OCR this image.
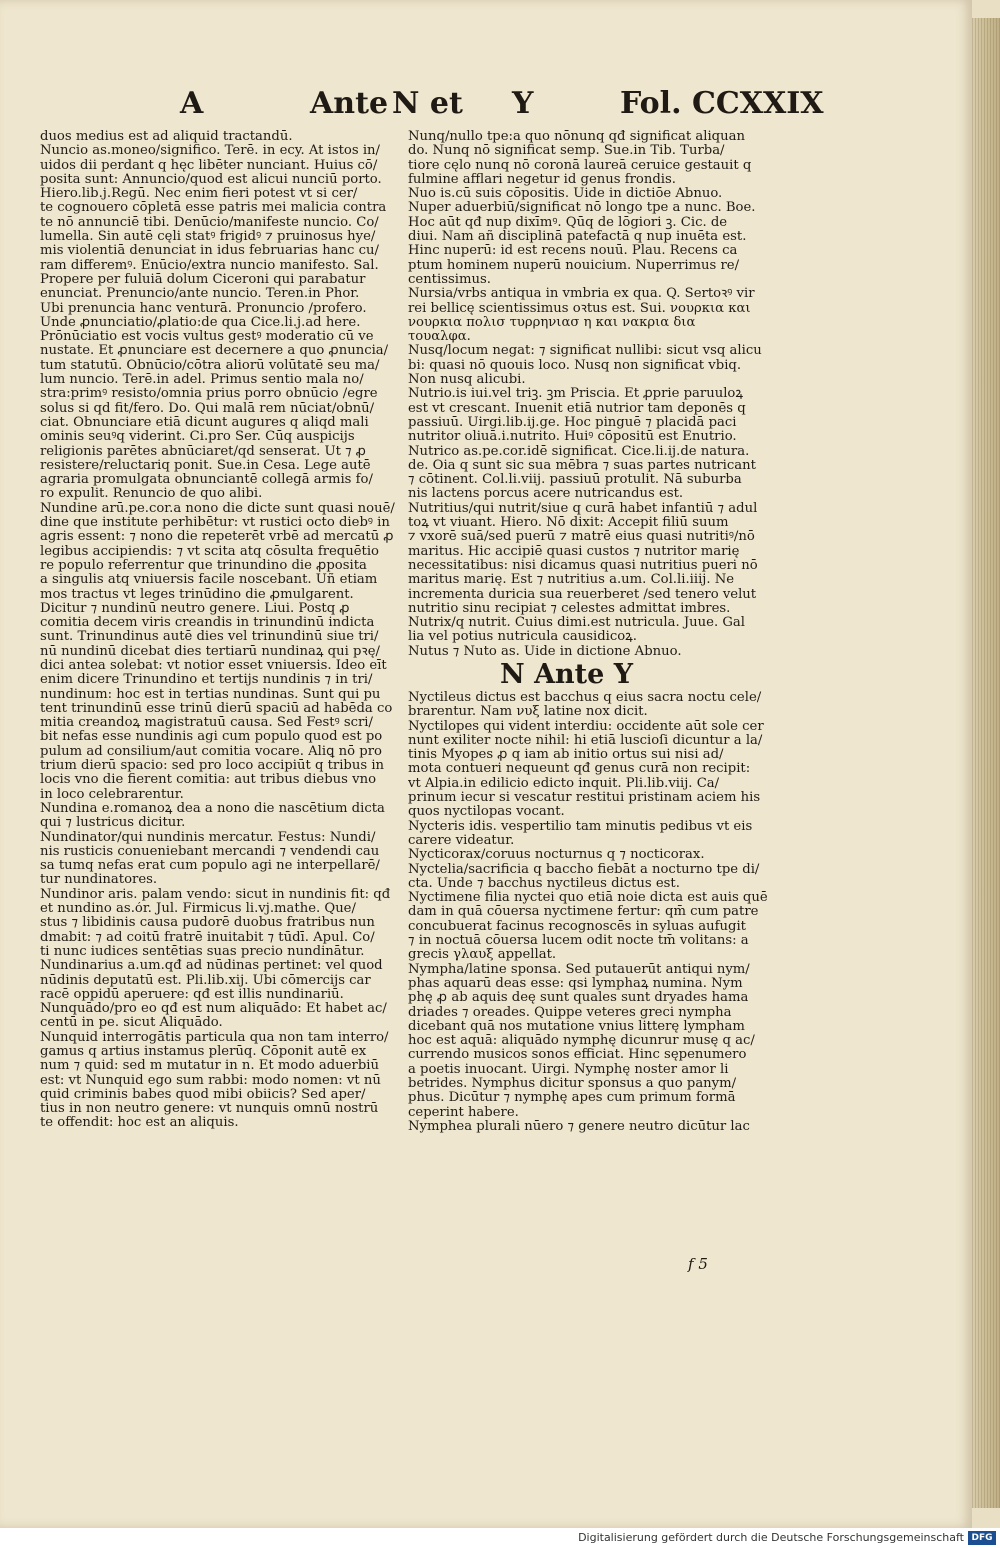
A	Ante N et Y	Fol. CCXXIX

duos medius est ad aliquid tractandū.

Nuncio as.moneo/significo. Terē. in ecy. At istos in/

uidos dii perdant q hęc libēter nunciant. Huius cō/

posita sunt: Annuncio/quod est alicui nunciū porto.

Hiero.lib.j.Regū. Nec enim fieri potest vt si cer/

te cognouero cōpletā esse patris mei malicia contra

te nō annunciē tibi. Denūcio/manifeste nuncio. Co/

lumella. Sin autē cęli statꝰ frigidꝰ ⁊ pruinosus hye/

mis violentiā denunciat in idus februarias hanc cu/

ram differemꝰ. Enūcio/extra nuncio manifesto. Sal.

Propere per fuluiā dolum Ciceroni qui parabatur

enunciat. Prenuncio/ante nuncio. Teren.in Phor.

Ubi prenuncia hanc venturā. Pronuncio /profero.

Unde ꝓnunciatio/ꝓlatio:de qua Cice.li.j.ad here.

Prōnūciatio est vocis vultus gestꝰ moderatio cū ve

nustate. Et ꝓnunciare est decernere a quo ꝓnuncia/

tum statutū. Obnūcio/cōtra aliorū volūtatē seu ma/

lum nuncio. Terē.in adel. Primus sentio mala no/

stra:primꝰ resisto/omnia prius porro obnūcio /egre

solus si qd fit/fero. Do. Qui malā rem nūciat/obnū/

ciat. Obnunciare etiā dicunt augures q aliqd mali

ominis seuꝰq viderint. Ci.pro Ser. Cūq auspicijs

religionis parētes abnūciaret/qd senserat. Ut ⁊ ꝓ

resistere/reluctariq ponit. Sue.in Cesa. Lege autē

agraria promulgata obnunciantē collegā armis fo/

ro expulit. Renuncio de quo alibi.

Nundine arū.pe.cor.a nono die dicte sunt quasi nouē/

dine que institute perhibētur: vt rustici octo diebꝰ in

agris essent: ⁊ nono die repeterēt vrbē ad mercatū ꝓ

legibus accipiendis: ⁊ vt scita atq cōsulta frequētio

re populo referrentur que trinundino die ꝓposita

a singulis atq vniuersis facile noscebant. Uñ etiam

mos tractus vt leges trinūdino die ꝓmulgarent.

Dicitur ⁊ nundinū neutro genere. Liui. Postq ꝓ

comitia decem viris creandis in trinundinū indicta

sunt. Trinundinus autē dies vel trinundinū siue tri/

nū nundinū dicebat dies tertiarū nundinaꝝ qui pꝛę/

dici antea solebat: vt notior esset vniuersis. Ideo eīt

enim dicere Trinundino et tertijs nundinis ⁊ in tri/

nundinum: hoc est in tertias nundinas. Sunt qui pu

tent trinundinū esse trinū dierū spaciū ad habēda co

mitia creandoꝝ magistratuū causa. Sed Festꝰ scri/

bit nefas esse nundinis agi cum populo quod est po

pulum ad consilium/aut comitia vocare. Aliꝗ nō pro

trium dierū spacio: sed pro loco accipiūt q tribus in

locis vno die fierent comitia: aut tribus diebus vno

in loco celebrarentur.

Nundina e.romanoꝝ dea a nono die nascētium dicta

qui ⁊ lustricus dicitur.

Nundinator/qui nundinis mercatur. Festus: Nundi/

nis rusticis conueniebant mercandi ⁊ vendendi cau

sa tumq nefas erat cum populo agi ne interpellarē/

tur nundinatores.

Nundinor aris. palam vendo: sicut in nundinis fit: qđ

et nundino as.ór. Jul. Firmicus li.vj.mathe. Que/

stus ⁊ libidinis causa pudorē duobus fratribus nun

dmabit: ⁊ ad coitū fratrē inuitabit ⁊ tūdī. Apul. Co/

ti nunc iudices sentētias suas precio nundinātur.

Nundinarius a.um.qđ ad nūdinas pertinet: vel quod

nūdinis deputatū est. Pli.lib.xij. Ubi cōmercijs car

racē oppidū aperuere: qđ est illis nundinariū.

Nunquādo/pro eo qđ est num aliquādo: Et habet ac/

centū in pe. sicut Aliquādo.

Nunquid interrogātis particula qua non tam interro/

gamus q artius instamus plerūq. Cōponit autē ex

num ⁊ quid: sed m mutatur in n. Et modo aduerbiū

est: vt Nunquid ego sum rabbi: modo nomen: vt nū

quid criminis babes quod mibi obiicis? Sed aper/

tius in non neutro genere: vt nunquis omnū nostrū

te offendit: hoc est an aliquis.

Nunq/nullo tpe:a quo nōnunq qđ significat aliquan

do. Nunq nō significat semp. Sue.in Tib. Turba/

tiore cęlo nunq nō coronā laureā ceruice gestauit q

fulmine afflari negetur id genus frondis.

Nuo is.cū suis cōpositis. Uide in dictiōe Abnuo.

Nuper aduerbiū/significat nō longo tpe a nunc. Boe.

Hoc aūt qđ nup dixīmꝰ. Qūq de lōgiori ꝫ. Cic. de

diui. Nam añ disciplinā patefactā q nup inuēta est.

Hinc nuperū: id est recens nouū. Plau. Recens ca

ptum hominem nuperū nouicium. Nuperrimus re/

centissimus.

Nursia/vrbs antiqua in vmbria ex qua. Q. Sertoꝛꝰ vir

rei bellicę scientissimus oꝛtus est. Sui. νουρκια και

νουρκια πολισ τυρρηνιασ η και νακρια δια

τουαλφα.

Nusq/locum negat: ⁊ significat nullibi: sicut vsq alicu

bi: quasi nō quouis loco. Nusq non significat vbiq.

Non nusq alicubi.

Nutrio.is iui.vel triꝫ. ꝫm Priscia. Et ꝓprie paruuloꝝ

est vt crescant. Inuenit etiā nutrior tam deponēs q

passiuū. Uirgi.lib.ij.ge. Hoc pinguē ⁊ placidā paci

nutritor oliuā.i.nutrito. Huiꝰ cōpositū est Enutrio.

Nutrico as.pe.cor.idē significat. Cice.li.ij.de natura.

de. Oia q sunt sic sua mēbra ⁊ suas partes nutricant

⁊ cōtinent. Col.li.viij. passiuū protulit. Nā suburba

nis lactens porcus acere nutricandus est.

Nutritius/qui nutrit/siue q curā habet infantiū ⁊ adul

toꝝ vt viuant. Hiero. Nō dixit: Accepit filiū suum

⁊ vxorē suā/sed puerū ⁊ matrē eius quasi nutritiꝰ/nō

maritus. Hic accipiē quasi custos ⁊ nutritor marię

necessitatibus: nisi dicamus quasi nutritius pueri nō

maritus marię. Est ⁊ nutritius a.um. Col.li.iiij. Ne

incrementa duricia sua reuerberet /sed tenero velut

nutritio sinu recipiat ⁊ celestes admittat imbres.

Nutrix/q nutrit. Cuius dimi.est nutricula. Juue. Gal

lia vel potius nutricula causidicoꝝ.

Nutus ⁊ Nuto as. Uide in dictione Abnuo.

N Ante Y

Nyctileus dictus est bacchus q eius sacra noctu cele/

brarentur. Nam νυξ latine nox dicit.

Nyctilopes qui vident interdiu: occidente aūt sole cer

nunt exiliter nocte nihil: hi etiā luscioſi dicuntur a la/

tinis Myopes ꝓ q iam ab initio ortus sui nisi ad/

mota contueri nequeunt qđ genus curā non recipit:

vt Alpia.in edilicio edicto inquit. Pli.lib.viij. Ca/

prinum iecur si vescatur restitui pristinam aciem his

quos nyctilopas vocant.

Nycteris idis. vespertilio tam minutis pedibus vt eis

carere videatur.

Nycticorax/coruus nocturnus q ⁊ nocticorax.

Nyctelia/sacrificia q baccho fiebāt a nocturno tpe di/

cta. Unde ⁊ bacchus nyctileus dictus est.

Nyctimene filia nyctei quo etiā noie dicta est auis quē

dam in quā cōuersa nyctimene fertur: qm̄ cum patre

concubuerat facinus recognoscēs in syluas aufugit

⁊ in noctuā cōuersa lucem odit nocte tm̄ volitans: a

grecis γλαυξ appellat.

Nympha/latine sponsa. Sed putauerūt antiqui nym/

phas aquarū deas esse: qsi lymphaꝝ numina. Nym

phę ꝓ ab aquis deę sunt quales sunt dryades hama

driades ⁊ oreades. Quippe veteres greci nympha

dicebant quā nos mutatione vnius litterę lympham

hoc est aquā: aliquādo nymphę dicunrur musę q ac/

currendo musicos sonos efficiat. Hinc sępenumero

a poetis inuocant. Uirgi. Nymphę noster amor li

betrides. Nymphus dicitur sponsus a quo panym/

phus. Dicūtur ⁊ nymphę apes cum primum formā

ceperint habere.

Nymphea plurali nūero ⁊ genere neutro dicūtur lac

f 5
Digitalisierung gefördert durch die Deutsche Forschungsgemeinschaft DFG
